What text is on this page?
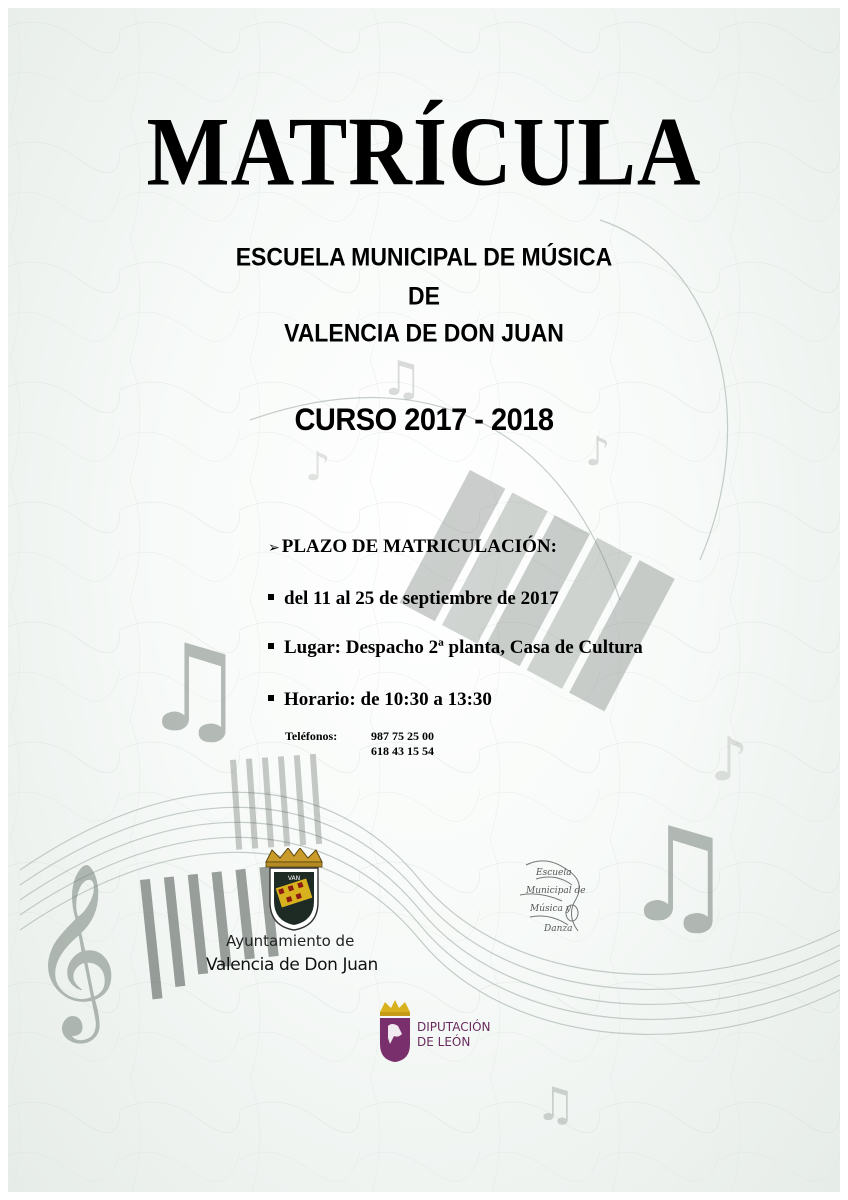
𝄞
♫
♫
♫
♪
♪
♫
♪
MATRÍCULA
ESCUELA MUNICIPAL DE MÚSICA
DE
VALENCIA DE DON JUAN
CURSO 2017 - 2018
➢ PLAZO DE MATRICULACIÓN:
del 11 al 25 de septiembre de 2017
Lugar: Despacho 2ª planta, Casa de Cultura
Horario: de 10:30 a 13:30
Teléfonos:	987 75 25 00
618 43 15 54
VAN
Ayuntamiento de
Valencia de Don Juan
Escuela
Municipal de
Música y
Danza
DIPUTACIÓN
DE LEÓN
